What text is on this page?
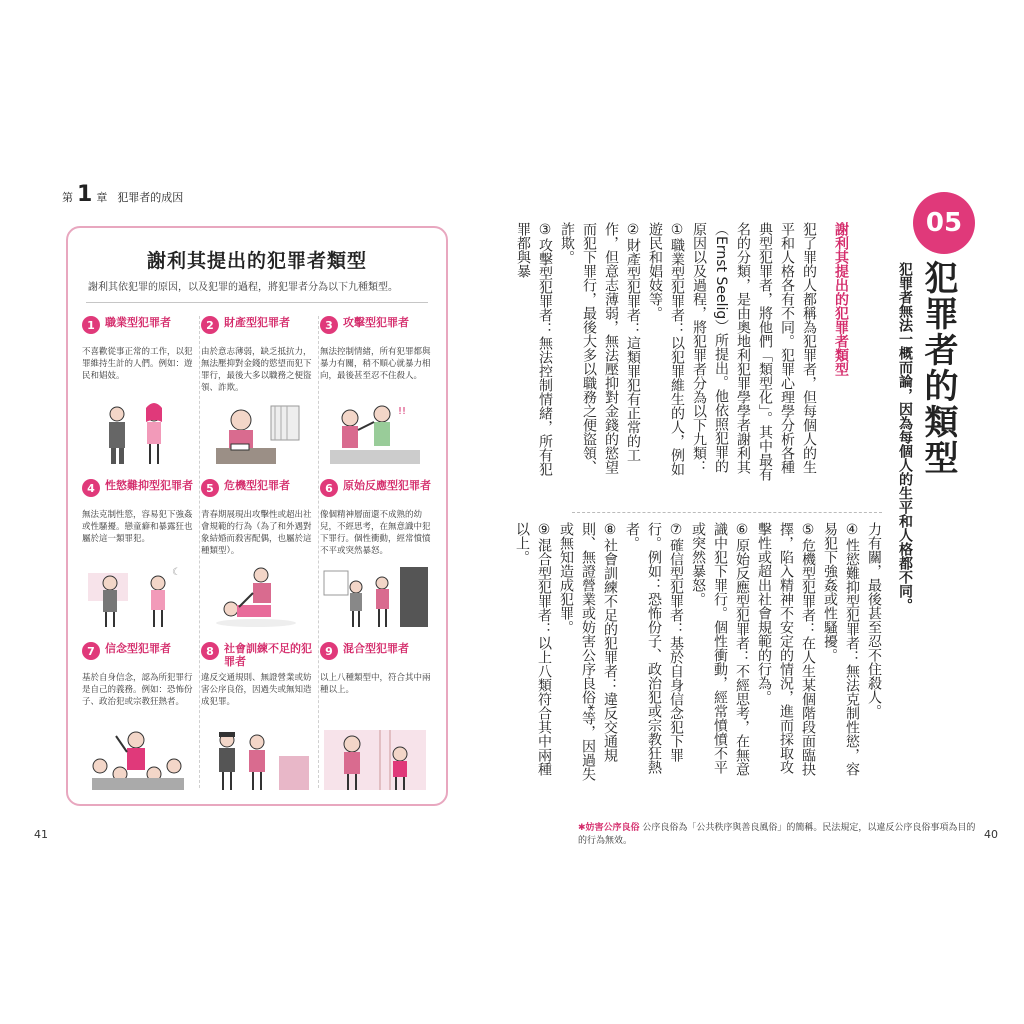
第 1 章 犯罪者的成因
謝利其提出的犯罪者類型
謝利其依犯罪的原因，以及犯罪的過程，將犯罪者分為以下九種類型。
1 職業型犯罪者
不喜歡從事正常的工作，以犯罪維持生計的人們。例如：遊民和娼妓。
2 財產型犯罪者
由於意志薄弱，缺乏抵抗力，無法壓抑對金錢的慾望而犯下罪行，最後大多以職務之便盜領、詐欺。
3 攻擊型犯罪者
無法控制情緒，所有犯罪都與暴力有關，稍不順心就暴力相向，最後甚至忍不住殺人。
!!
4 性慾難抑型犯罪者
無法克制性慾，容易犯下強姦或性騷擾。戀童癖和暴露狂也屬於這一類罪犯。
☾
5 危機型犯罪者
青春期展現出攻擊性或超出社會規範的行為（為了和外遇對象結婚而殺害配偶，也屬於這種類型）。
6 原始反應型犯罪者
像個精神層面還不成熟的幼兒，不經思考，在無意識中犯下罪行。個性衝動，經常憤憤不平或突然暴怒。
7 信念型犯罪者
基於自身信念，認為所犯罪行是自己的義務。例如：恐怖份子、政治犯或宗教狂熱者。
8 社會訓練不足的犯罪者
違反交通規則、無證營業或妨害公序良俗，因過失或無知造成犯罪。
9 混合型犯罪者
以上八種類型中，符合其中兩種以上。
41
05
犯罪者的類型
犯罪者無法一概而論，因為每個人的生平和人格都不同。
謝利其提出的犯罪者類型

犯了罪的人都稱為犯罪者，但每個人的生平和人格各有不同。犯罪心理學分析各種典型犯罪者，將他們「類型化」。其中最有名的分類，是由奧地利犯罪學學者謝利其（Ernst Seelig）所提出。他依照犯罪的原因以及過程，將犯罪者分為以下九類：

①職業型犯罪者：以犯罪維生的人，例如遊民和娼妓等。

②財產型犯罪者：這類罪犯有正常的工作，但意志薄弱，無法壓抑對金錢的慾望而犯下罪行，最後大多以職務之便盜領、詐欺。

③攻擊型犯罪者：無法控制情緒，所有犯罪都與暴

力有關，最後甚至忍不住殺人。

④性慾難抑型犯罪者：無法克制性慾，容易犯下強姦或性騷擾。

⑤危機型犯罪者：在人生某個階段面臨抉擇，陷入精神不安定的情況，進而採取攻擊性或超出社會規範的行為。

⑥原始反應型犯罪者：不經思考，在無意識中犯下罪行。個性衝動，經常憤憤不平或突然暴怒。

⑦確信型犯罪者：基於自身信念犯下罪行。例如：恐怖份子、政治犯或宗教狂熱者。

⑧社會訓練不足的犯罪者：違反交通規則、無證營業或妨害公序良俗*等，因過失或無知造成犯罪。

⑨混合型犯罪者：以上八類符合其中兩種以上。

✱妨害公序良俗 公序良俗為「公共秩序與善良風俗」的簡稱。民法規定，以違反公序良俗事項為目的的行為無效。	40
